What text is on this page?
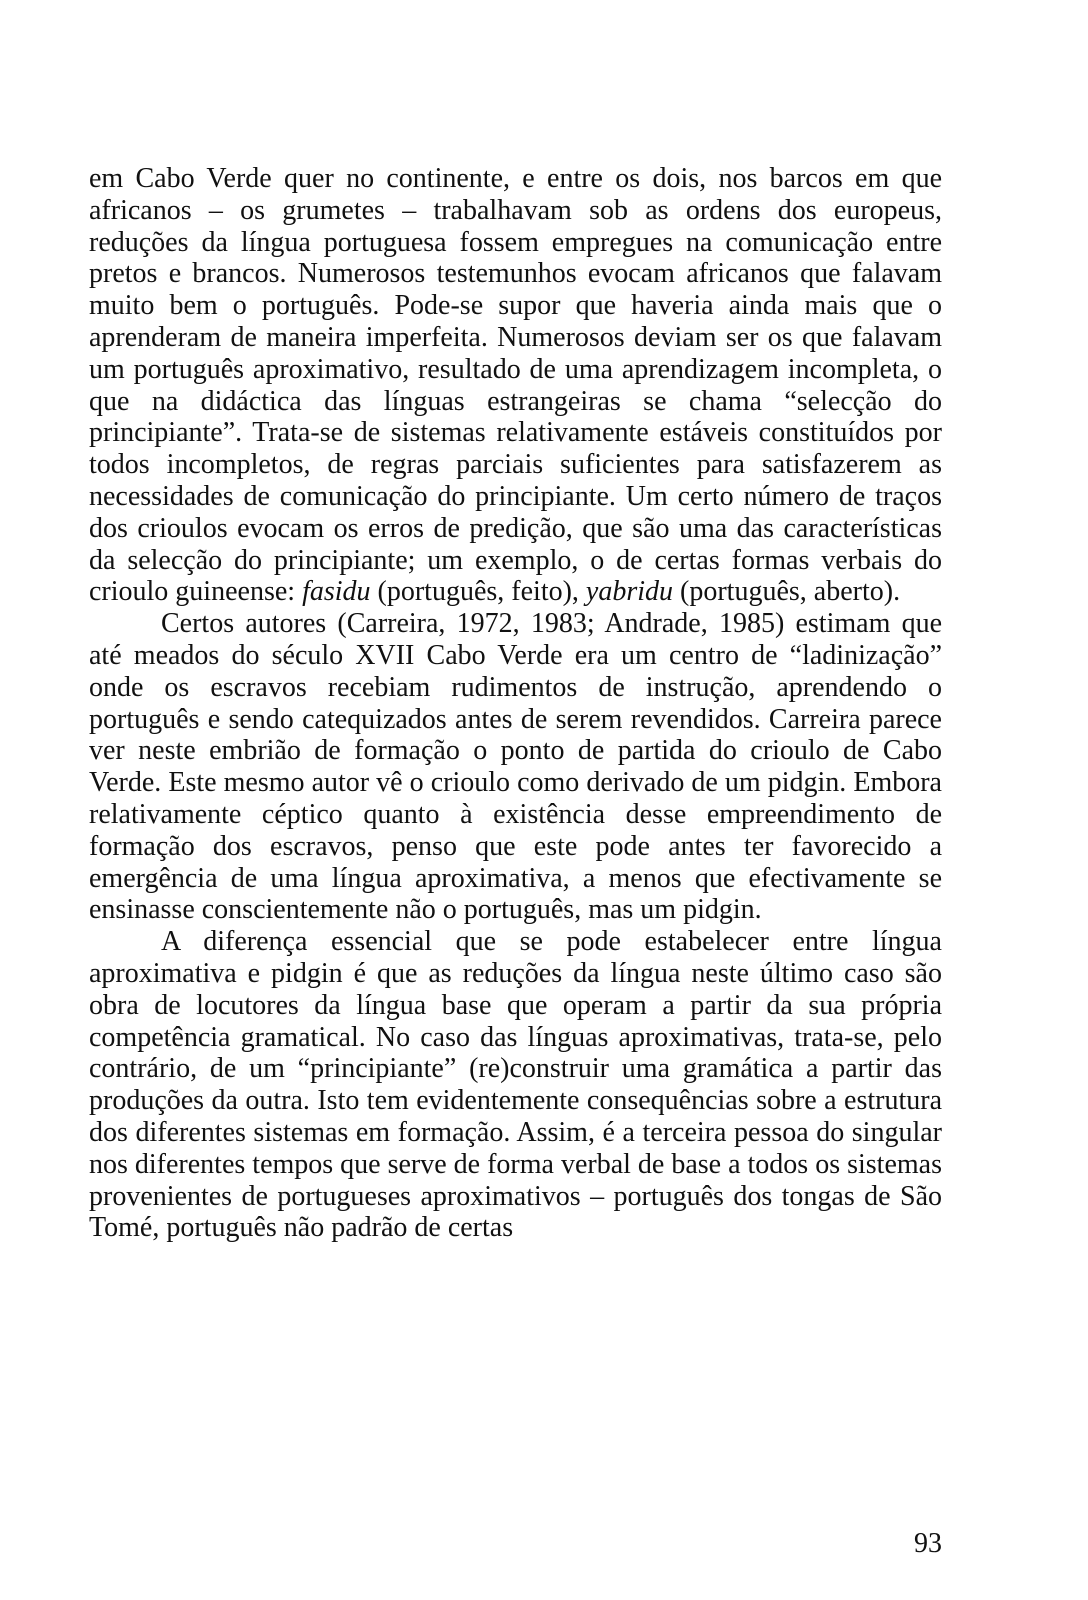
em Cabo Verde quer no continente, e entre os dois, nos barcos em que africanos – os grumetes – trabalhavam sob as ordens dos europeus, reduções da língua portuguesa fossem empregues na comunicação entre pretos e brancos. Numerosos testemunhos evocam africanos que falavam muito bem o português. Pode-se supor que haveria ainda mais que o aprenderam de maneira imperfeita. Numerosos deviam ser os que falavam um português aproximativo, resultado de uma aprendizagem incompleta, o que na didáctica das línguas estrangeiras se chama “selecção do principiante”. Trata-se de sistemas relativamente estáveis constituídos por todos incompletos, de regras parciais suficientes para satisfazerem as necessidades de comunicação do principiante. Um certo número de traços dos crioulos evocam os erros de predição, que são uma das características da selecção do principiante; um exemplo, o de certas formas verbais do crioulo guineense: fasidu (português, feito), yabridu (português, aberto).

Certos autores (Carreira, 1972, 1983; Andrade, 1985) estimam que até meados do século XVII Cabo Verde era um centro de “ladinização” onde os escravos recebiam rudimentos de instrução, aprendendo o português e sendo catequizados antes de serem revendidos. Carreira parece ver neste embrião de formação o ponto de partida do crioulo de Cabo Verde. Este mesmo autor vê o crioulo como derivado de um pidgin. Embora relativamente céptico quanto à existência desse empreendimento de formação dos escravos, penso que este pode antes ter favorecido a emergência de uma língua aproximativa, a menos que efectivamente se ensinasse conscientemente não o português, mas um pidgin.

A diferença essencial que se pode estabelecer entre língua aproximativa e pidgin é que as reduções da língua neste último caso são obra de locutores da língua base que operam a partir da sua própria competência gramatical. No caso das línguas aproximativas, trata-se, pelo contrário, de um “principiante” (re)construir uma gramática a partir das produções da outra. Isto tem evidentemente consequências sobre a estrutura dos diferentes sistemas em formação. Assim, é a terceira pessoa do singular nos diferentes tempos que serve de forma verbal de base a todos os sistemas provenientes de portugueses aproximativos – português dos tongas de São Tomé, português não padrão de certas

93
